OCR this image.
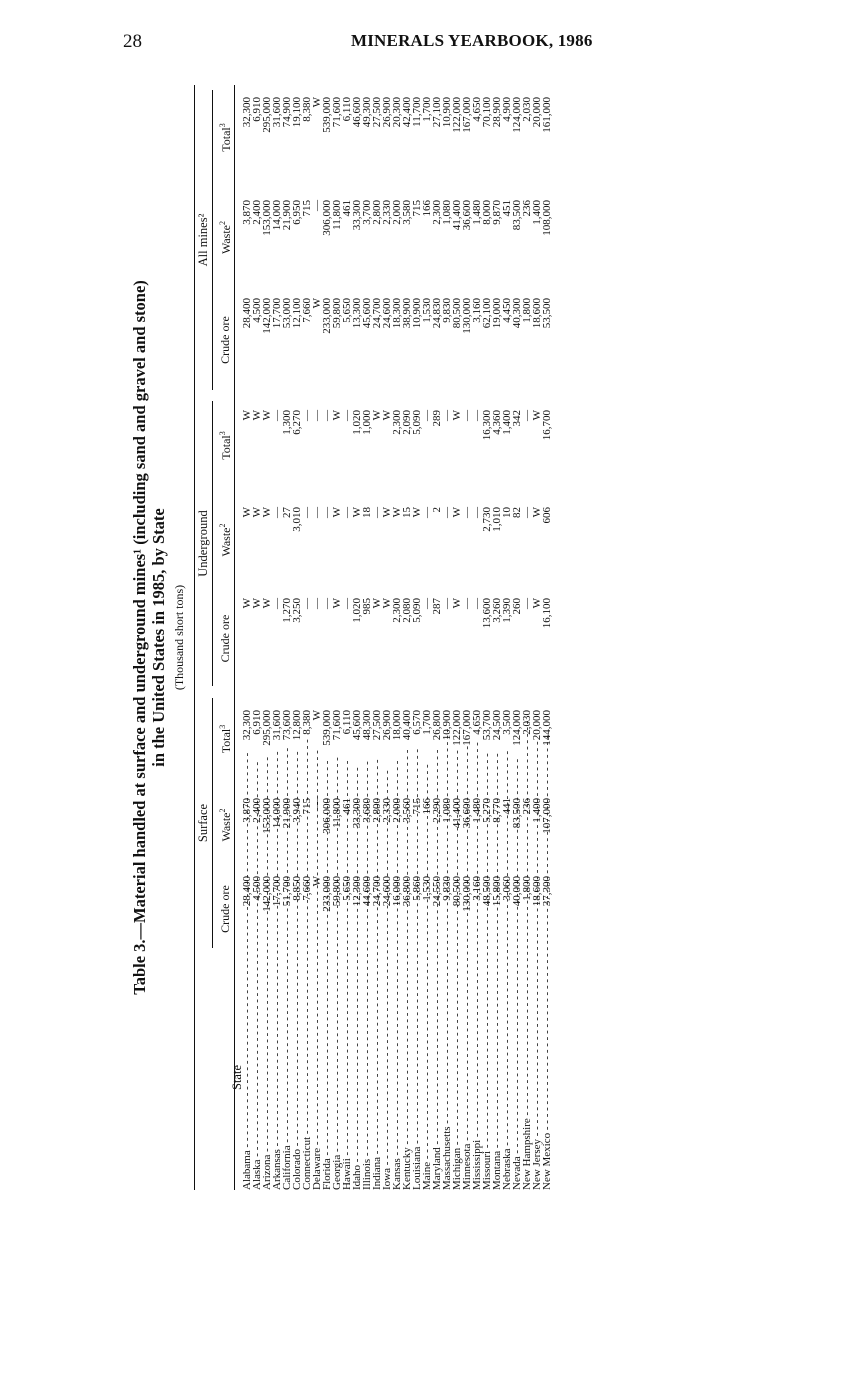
28	MINERALS YEARBOOK, 1986
Table 3.—Material handled at surface and underground mines¹ (including sand and gravel and stone) in the United States in 1985, by State (Thousand short tons)
State
Surface
Underground
All mines²
Crude ore
Waste$^2$
Total$^3$
Crude ore
Waste$^2$
Total$^3$
Crude ore
Waste$^2$
Total$^3$
Alabama - - -
28,400
3,870
32,300
W
W
W
28,400
3,870
32,300
Alaska - - -
4,500
2,400
6,910
W
W
W
4,500
2,400
6,910
Arizona - - -
142,000
153,000
295,000
W
W
W
142,000
153,000
295,000
Arkansas - - -
17,700
14,000
31,600
—
—
—
17,700
14,000
31,600
California - - -
51,700
21,900
73,600
1,270
27
1,300
53,000
21,900
74,900
Colorado - - -
8,850
3,940
12,800
3,250
3,010
6,270
12,100
6,950
19,100
Connecticut - - -
7,660
715
8,380
—
—
—
7,660
715
8,380
Delaware - - -
W
—
W
—
—
—
W
—
W
Florida - - -
233,000
306,000
539,000
—
—
—
233,000
306,000
539,000
Georgia - - -
59,800
11,800
71,600
W
W
W
59,800
11,800
71,600
Hawaii - - -
5,650
461
6,110
—
—
—
5,650
461
6,110
Idaho - - -
12,300
33,300
45,600
1,020
W
1,020
13,300
33,300
46,600
Illinois - - -
44,600
3,680
48,300
985
18
1,000
45,600
3,700
49,300
Indiana - - -
24,700
2,800
27,500
W
—
W
24,700
2,800
27,500
Iowa - - -
24,600
2,330
26,900
W
W
W
24,600
2,330
26,900
Kansas - - -
16,000
2,000
18,000
2,300
W
2,300
18,300
2,000
20,300
Kentucky - - -
36,800
3,560
40,400
2,080
15
2,090
38,900
3,580
42,400
Louisiana - - -
5,860
715
6,570
5,090
W
5,090
10,900
715
11,700
Maine - - -
1,530
166
1,700
—
—
—
1,530
166
1,700
Maryland - - -
24,550
2,290
26,800
287
2
289
24,830
2,300
27,100
Massachusetts - - -
9,830
1,080
10,900
—
—
—
9,830
1,080
10,900
Michigan - - -
80,500
41,400
122,000
W
W
W
80,500
41,400
122,000
Minnesota - - -
130,000
36,600
167,000
—
—
—
130,000
36,600
167,000
Mississippi - - -
3,160
1,480
4,650
—
—
—
3,160
1,480
4,650
Missouri - - -
48,500
5,270
53,700
13,600
2,730
16,300
62,100
8,000
70,100
Montana - - -
15,800
8,770
24,500
3,260
1,010
4,360
19,000
9,870
28,900
Nebraska - - -
3,060
441
3,500
1,390
10
1,400
4,450
451
4,900
Nevada - - -
40,000
83,500
124,000
260
82
342
40,300
83,500
124,000
New Hampshire - - -
1,800
236
2,030
—
—
—
1,800
236
2,030
New Jersey - - -
18,600
1,400
20,000
W
W
W
18,600
1,400
20,000
New Mexico - - -
37,300
107,000
144,000
16,100
606
16,700
53,500
108,000
161,000
